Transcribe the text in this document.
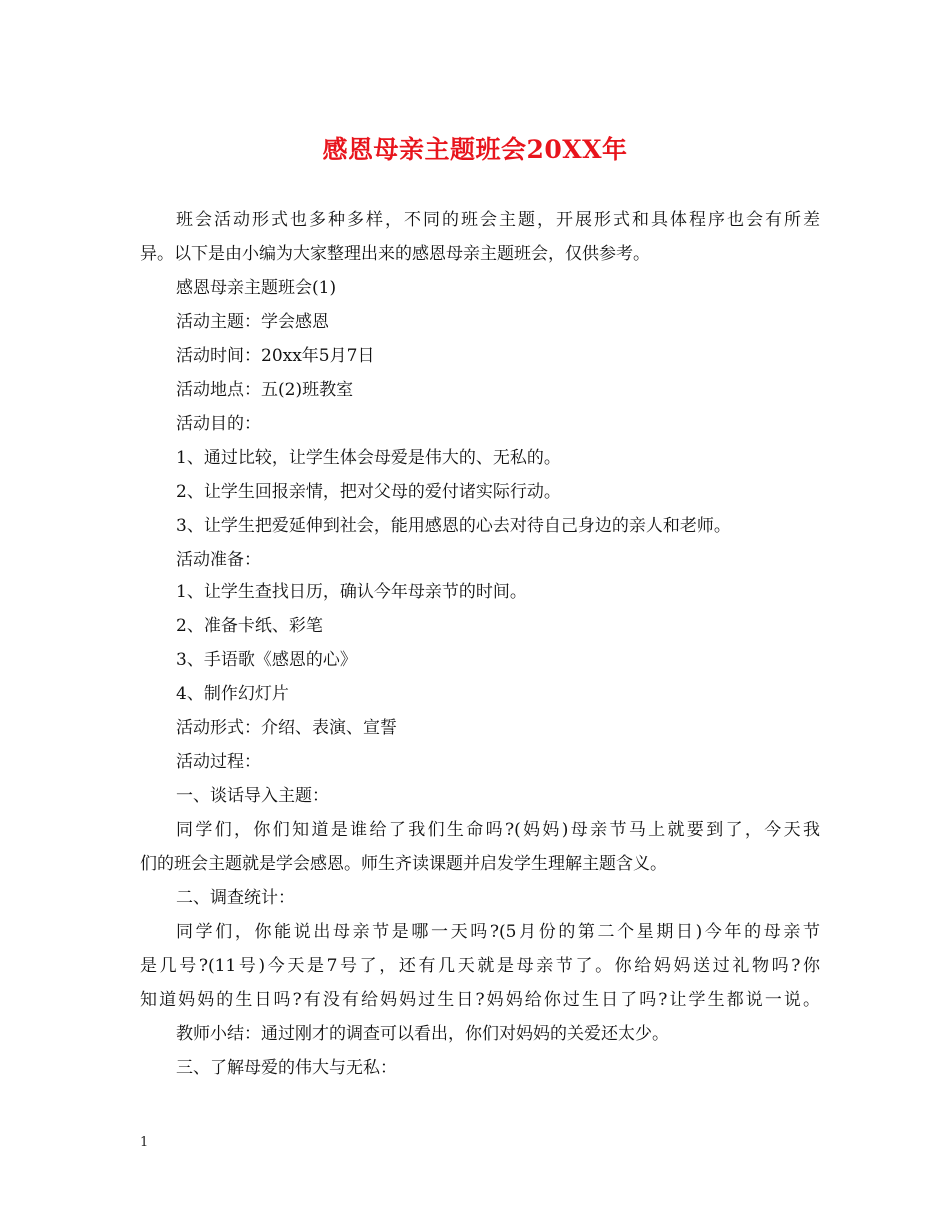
感恩母亲主题班会20XX年
班会活动形式也多种多样，不同的班会主题，开展形式和具体程序也会有所差
异。以下是由小编为大家整理出来的感恩母亲主题班会，仅供参考。
感恩母亲主题班会(1)
活动主题：学会感恩
活动时间：20xx年5月7日
活动地点：五(2)班教室
活动目的：
1、通过比较，让学生体会母爱是伟大的、无私的。
2、让学生回报亲情，把对父母的爱付诸实际行动。
3、让学生把爱延伸到社会，能用感恩的心去对待自己身边的亲人和老师。
活动准备：
1、让学生查找日历，确认今年母亲节的时间。
2、准备卡纸、彩笔
3、手语歌《感恩的心》
4、制作幻灯片
活动形式：介绍、表演、宣誓
活动过程：
一、谈话导入主题：
同学们，你们知道是谁给了我们生命吗?(妈妈)母亲节马上就要到了，今天我
们的班会主题就是学会感恩。师生齐读课题并启发学生理解主题含义。
二、调查统计：
同学们，你能说出母亲节是哪一天吗?(5月份的第二个星期日)今年的母亲节
是几号?(11号)今天是7号了，还有几天就是母亲节了。你给妈妈送过礼物吗?你
知道妈妈的生日吗?有没有给妈妈过生日?妈妈给你过生日了吗?让学生都说一说。
教师小结：通过刚才的调查可以看出，你们对妈妈的关爱还太少。
三、了解母爱的伟大与无私：
1
